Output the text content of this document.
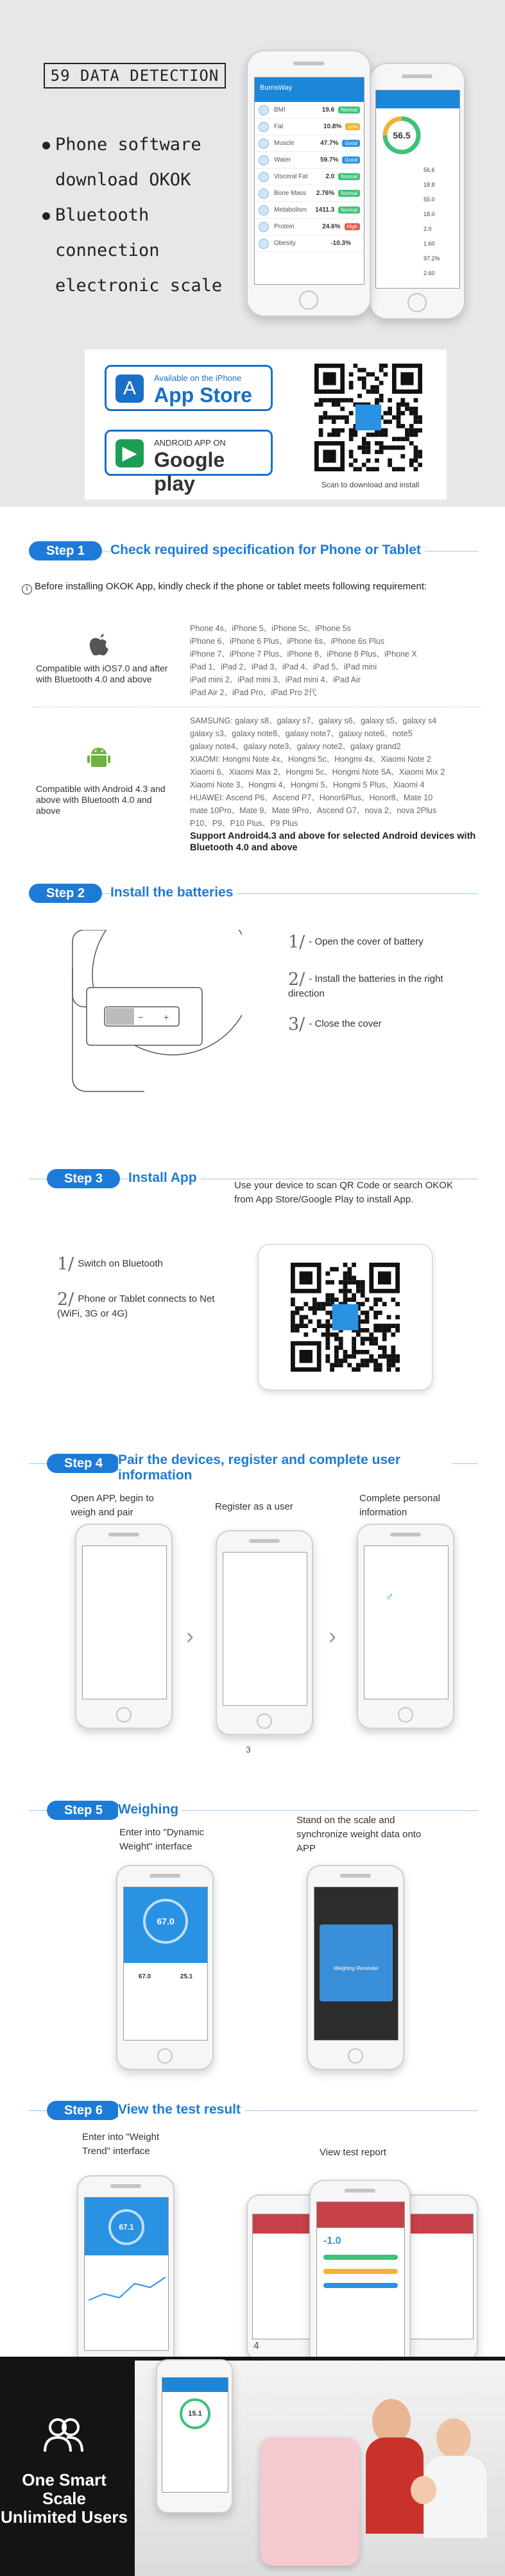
59 DATA DETECTION
Phone software
download OKOK
Bluetooth
connection
electronic scale
56.5
56.6
18.8
55.0
18.0
2.0
1.60
97.2%
2.60
BurnsWay
BMI	19.6	Normal
Fat	10.8%	Low
Muscle	47.7%	Good
Water	59.7%	Good
Visceral Fat	2.0	Normal
Bone Mass	2.76%	Normal
Metabolism	1411.3	Normal
Protein	24.6%	High
Obesity	-10.3%
A	Available on the iPhone
App Store
▶	ANDROID APP ON
Google play	Scan to download and install
Step 1	Check required specification for Phone or Tablet
i Before installing OKOK App, kindly check if the phone or tablet meets following requirement:
Compatible with iOS7.0 and after with Bluetooth 4.0 and above
Phone 4s、iPhone 5、iPhone 5c、iPhone 5s
iPhone 6、iPhone 6 Plus、iPhone 6s、iPhone 6s Plus
iPhone 7、iPhone 7 Plus、iPhone 8、iPhone 8 Plus、iPhone X
iPad 1、iPad 2、iPad 3、iPad 4、iPad 5、iPad mini
iPad mini 2、iPad mini 3、iPad mini 4、iPad Air
iPad Air 2、iPad Pro、iPad Pro 2代
Compatible with Android 4.3 and above with Bluetooth 4.0 and above
SAMSUNG: galaxy s8、galaxy s7、galaxy s6、galaxy s5、galaxy s4
galaxy s3、galaxy note8、galaxy note7、galaxy note6、note5
galaxy note4、galaxy note3、galaxy note2、galaxy grand2
XIAOMI: Hongmi Note 4x、Hongmi 5c、Hongmi 4x、Xiaomi Note 2
Xiaomi 6、Xiaomi Max 2、Hongmi 5c、Hongmi Note 5A、Xiaomi Mix 2
Xiaomi Note 3、Hongmi 4、Hongmi 5、Hongmi 5 Plus、Xiaomi 4
HUAWEI: Ascend P6、Ascend P7、Honor6Plus、Honor8、Mate 10
mate 10Pro、Mate 9、Mate 9Pro、Ascend G7、nova 2、nova 2Plus
P10、P9、P10 Plus、P9 Plus
Support Android4.3 and above for selected Android devices with Bluetooth 4.0 and above
Step 2	Install the batteries
+
−
1/ - Open the cover of battery
2/ - Install the batteries in the right direction
3/ - Close the cover
Step 3	Install App
Use your device to scan QR Code or search OKOK from App Store/Google Play to install App.
1/ Switch on Bluetooth
2/ Phone or Tablet connects to Net (WiFi, 3G or 4G)
Step 4	Pair the devices, register and complete user information
Open APP, begin to weigh and pair
Register as a user
Complete personal information
Please stand on the Scale binding
Skip Weigh Binding
›
✦
›
Your Gender?
♂	♀
Previous	Next
3
Step 5	Weighing
Enter into "Dynamic Weight" interface
Stand on the scale and synchronize weight data onto APP
67.0
67.0	25.1
Weighing Reminder
Step 6	View the test result
Enter into "Weight Trend" interface	View test report
67.1
-1.0
4
One Smart Scale
Unlimited Users
15.1
